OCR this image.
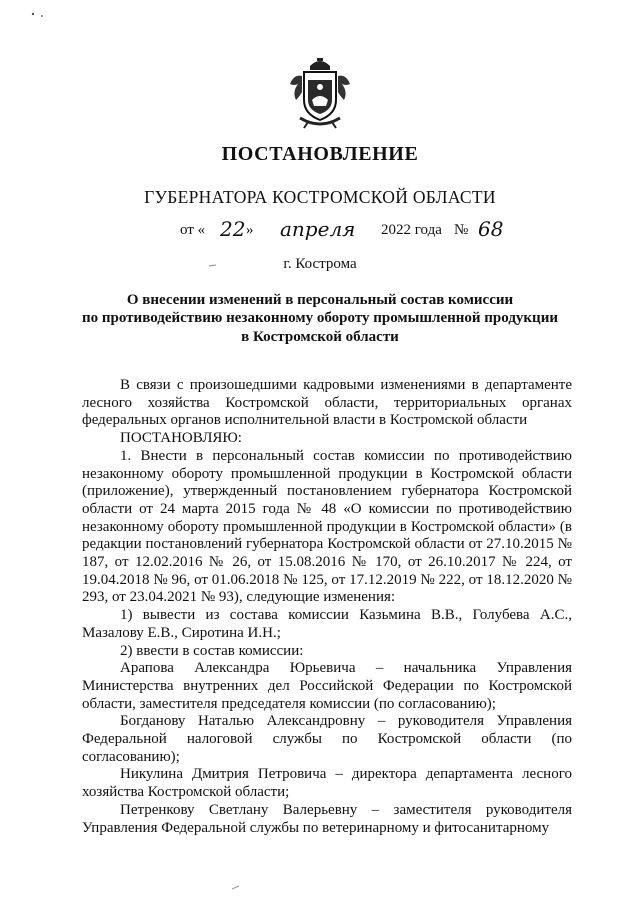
ПОСТАНОВЛЕНИЕ
ГУБЕРНАТОРА КОСТРОМСКОЙ ОБЛАСТИ
от « 22 » апреля 2022 года № 68
г. Кострома
О внесении изменений в персональный состав комиссии
по противодействию незаконному обороту промышленной продукции
в Костромской области

В связи с произошедшими кадровыми изменениями в департаменте лесного хозяйства Костромской области, территориальных органах федеральных органов исполнительной власти в Костромской области

ПОСТАНОВЛЯЮ:

1. Внести в персональный состав комиссии по противодействию незаконному обороту промышленной продукции в Костромской области (приложение), утвержденный постановлением губернатора Костромской области от 24 марта 2015 года № 48 «О комиссии по противодействию незаконному обороту промышленной продукции в Костромской области» (в редакции постановлений губернатора Костромской области от 27.10.2015 № 187, от 12.02.2016 № 26, от 15.08.2016 № 170, от 26.10.2017 № 224, от 19.04.2018 № 96, от 01.06.2018 № 125, от 17.12.2019 № 222, от 18.12.2020 № 293, от 23.04.2021 № 93), следующие изменения:

1) вывести из состава комиссии Казьмина В.В., Голубева А.С., Мазалову Е.В., Сиротина И.Н.;

2) ввести в состав комиссии:

Арапова Александра Юрьевича – начальника Управления Министерства внутренних дел Российской Федерации по Костромской области, заместителя председателя комиссии (по согласованию);

Богданову Наталью Александровну – руководителя Управления Федеральной налоговой службы по Костромской области (по согласованию);

Никулина Дмитрия Петровича – директора департамента лесного хозяйства Костромской области;

Петренкову Светлану Валерьевну – заместителя руководителя Управления Федеральной службы по ветеринарному и фитосанитарному
